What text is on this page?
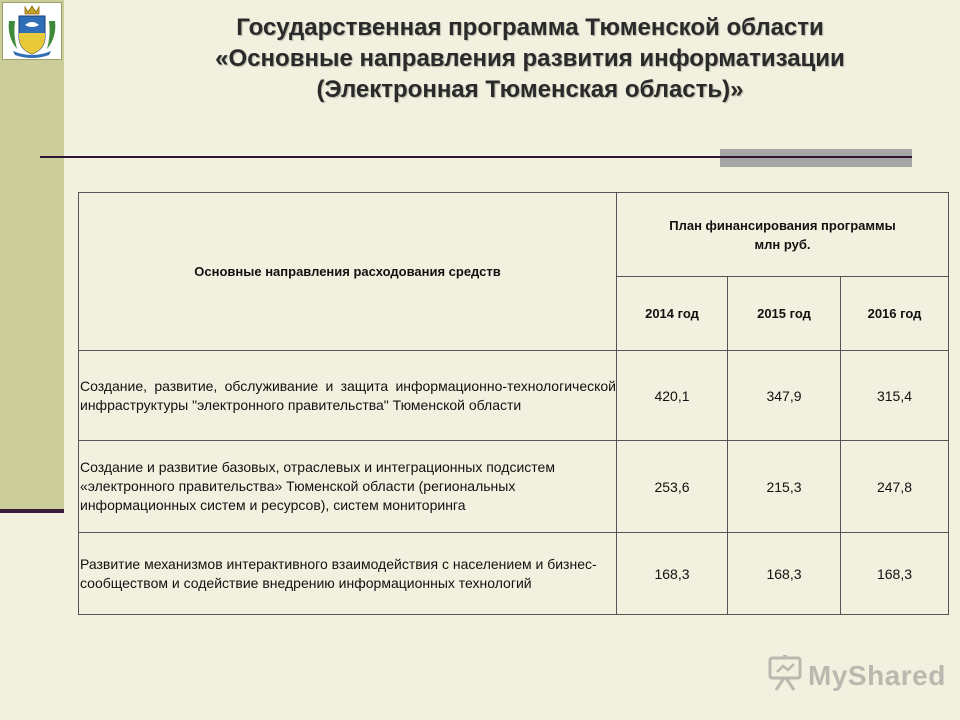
Государственная программа Тюменской области
«Основные направления развития информатизации
(Электронная Тюменская область)»
Основные направления расходования средств	План финансирования программы
млн руб.		

	2014 год	2015 год	2016 год
Создание, развитие, обслуживание и защита информационно-технологической инфраструктуры "электронного правительства" Тюменской области	420,1	347,9	315,4
Создание и развитие базовых, отраслевых и интеграционных подсистем «электронного правительства» Тюменской области (региональных информационных систем и ресурсов), систем мониторинга	253,6	215,3	247,8
Развитие механизмов интерактивного взаимодействия с населением и бизнес-сообществом и содействие внедрению информационных технологий	168,3	168,3	168,3
MyShared
